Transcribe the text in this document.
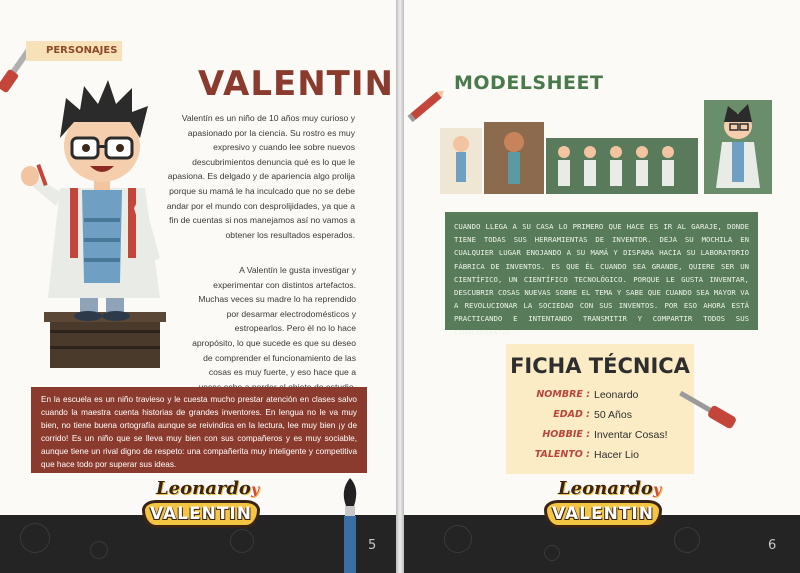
PERSONAJES
VALENTIN
Valentín es un niño de 10 años muy curioso y apasionado por la ciencia. Su rostro es muy expresivo y cuando lee sobre nuevos descubrimientos denuncia qué es lo que le apasiona. Es delgado y de apariencia algo prolija porque su mamá le ha inculcado que no se debe andar por el mundo con desprolijidades, ya que a fin de cuentas si nos manejamos así no vamos a obtener los resultados esperados.
A Valentín le gusta investigar y experimentar con distintos artefactos. Muchas veces su madre lo ha reprendido por desarmar electrodomésticos y estropearlos. Pero él no lo hace apropósito, lo que sucede es que su deseo de comprender el funcionamiento de las cosas es muy fuerte, y eso hace que a
En la escuela es un niño travieso y le cuesta mucho prestar atención en clases salvo cuando la maestra cuenta historias de grandes inventores. En lengua no le va muy bien, no tiene buena ortografía aunque se reivindica en la lectura, lee muy bien ¡y de corrido! Es un niño que se lleva muy bien con sus compañeros y es muy sociable, aunque tiene un rival digno de respeto: una compañerita muy inteligente y competitiva que hace todo por superar sus ideas.
Leonardoy
VALENTIN
5
MODELSHEET
CUANDO LLEGA A SU CASA LO PRIMERO QUE HACE ES IR AL GARAJE, DONDE TIENE TODAS SUS HERRAMIENTAS DE INVENTOR. DEJA SU MOCHILA EN CUALQUIER LUGAR ENOJANDO A SU MAMÁ Y DISPARA HACIA SU LABORATORIO FÁBRICA DE INVENTOS. ES QUE ÉL CUANDO SEA GRANDE, QUIERE SER UN CIENTÍFICO, UN CIENTÍFICO TECNOLÓGICO. PORQUE LE GUSTA INVENTAR, DESCUBRIR COSAS NUEVAS SOBRE EL TEMA Y SABE QUE CUANDO SEA MAYOR VA A REVOLUCIONAR LA SOCIEDAD CON SUS INVENTOS. POR ESO AHORA ESTÁ PRACTICANDO E INTENTANDO TRANSMITIR Y COMPARTIR TODOS SUS CONOCIMIENTOS.
FICHA TÉCNICA
NOMBRE : Leonardo
EDAD : 50 Años
HOBBIE : Inventar Cosas!
TALENTO : Hacer Lio
Leonardoy
VALENTIN
6
